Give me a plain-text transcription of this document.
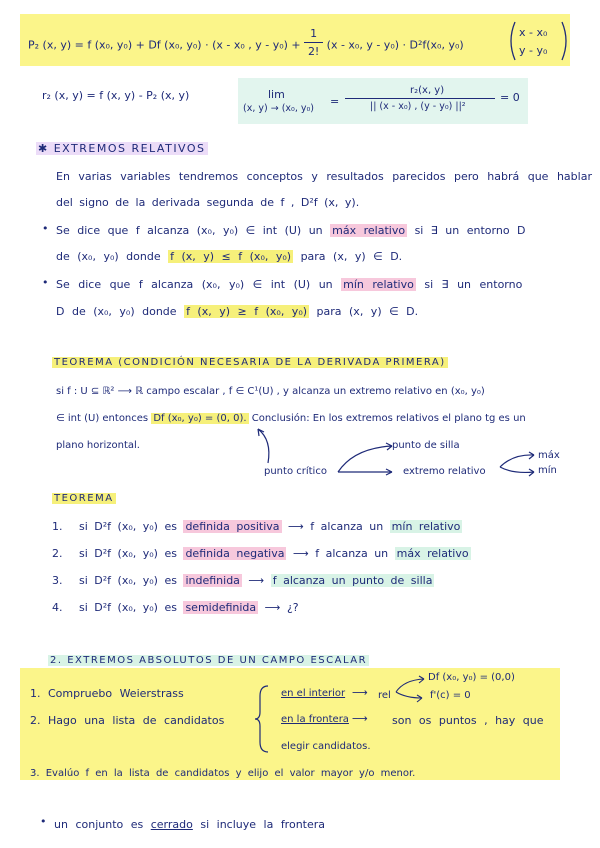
P₂ (x, y) = f (x₀, y₀) + Df (x₀, y₀) · (x - x₀ , $y - y_0) + \frac{1}{2!} (x - x_0$, y - y₀) · D²f(x₀, y₀)
x - x₀
y - y₀
r₂ (x, y) = f (x, y) - P₂ (x, y)	lim
(x, y) → (x₀, y₀)
=
r₂(x, y)
|| (x - x₀) , (y - y₀) ||²
= 0
✱ EXTREMOS RELATIVOS
En varias variables tendremos conceptos y resultados parecidos pero habrá que hablar
del signo de la derivada segunda de f , D²f (x, y).
• Se dice que f alcanza (x₀, y₀) ∈ int (U) un máx relativo si ∃ un entorno D
de (x₀, y₀) donde f (x, y) ≤ f (x₀, y₀) para (x, y) ∈ D.
• Se dice que f alcanza (x₀, y₀) ∈ int (U) un mín relativo si ∃ un entorno
D de (x₀, y₀) donde f (x, y) ≥ f (x₀, y₀) para (x, y) ∈ D.
TEOREMA (CONDICIÓN NECESARIA DE LA DERIVADA PRIMERA)
si f : U ⊆ ℝ² ⟶ ℝ campo escalar , f ∈ C¹(U) , y alcanza un extremo relativo en (x₀, y₀)
∈ int (U) entonces Df (x₀, y₀) = (0, 0). Conclusión: En los extremos relativos el plano tg es un
plano horizontal.
punto crítico
punto de silla
extremo relativo
máx
mín
TEOREMA
1. si D²f (x₀, y₀) es definida positiva ⟶ f alcanza un mín relativo
2. si D²f (x₀, y₀) es definida negativa ⟶ f alcanza un máx relativo
3. si D²f (x₀, y₀) es indefinida ⟶ f alcanza un punto de silla
4. si D²f (x₀, y₀) es semidefinida ⟶ ¿?
2. EXTREMOS ABSOLUTOS DE UN CAMPO ESCALAR
1. Compruebo Weierstrass
2. Hago una lista de candidatos
en el interior ⟶ rel
Df (x₀, y₀) = (0,0)
f'(c) = 0
en la frontera ⟶ son os puntos , hay que
elegir candidatos.
3. Evalúo f en la lista de candidatos y elijo el valor mayor y/o menor.
• un conjunto es cerrado si incluye la frontera
